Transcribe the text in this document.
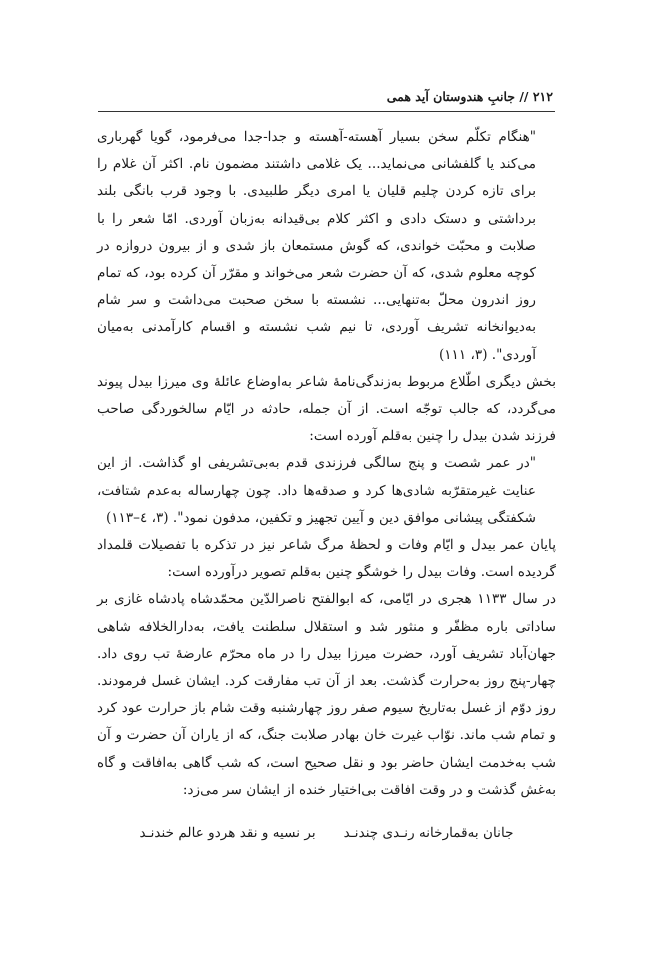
۲۱۲ // جانبِ هندوستان آید همی

"هنگام تکلّم سخن بسیار آهسته-آهسته و جدا-جدا می‌فرمود، گویا گهرباری می‌کند یا گلفشانی می‌نماید... یک غلامی داشتند مضمون نام. اکثر آن غلام را برای تازه کردن چلیم قلیان یا امری دیگر طلبیدی. با وجود قرب بانگی بلند برداشتی و دستک دادی و اکثر کلام بی‌قیدانه به‌زبان آوردی. امّا شعر را با صلابت و محبّت خواندی، که گوش مستمعان باز شدی و از بیرون دروازه در کوچه معلوم شدی، که آن حضرت شعر می‌خواند و مقرّر آن کرده بود، که تمام روز اندرون محلّ به‌تنهایی... نشسته با سخن صحبت می‌داشت و سر شام به‌دیوانخانه تشریف آوردی، تا نیم شب نشسته و اقسام کارآمدنی به‌میان آوردی". (۳، ۱۱۱)

بخش دیگری اطّلاع مربوط به‌زندگی‌نامهٔ شاعر به‌اوضاع عائلهٔ وی میرزا بیدل پیوند می‌گردد، که جالب توجّه است. از آن جمله، حادثه در ایّام سالخوردگی صاحب فرزند شدن بیدل را چنین به‌قلم آورده است:

"در عمر شصت و پنج سالگی فرزندی قدم به‌بی‌تشریفی او گذاشت. از این عنایت غیرمتقرّبه شادی‌ها کرد و صدقه‌ها داد. چون چهارساله به‌عدم شتافت، شکفتگی پیشانی موافق دین و آیین تجهیز و تکفین، مدفون نمود". (۳، ٤–۱۱۳)

پایان عمر بیدل و ایّام وفات و لحظهٔ مرگ شاعر نیز در تذکره با تفصیلات قلمداد گردیده است. وفات بیدل را خوشگو چنین به‌قلم تصویر درآورده است:

در سال ۱۱۳۳ هجری در ایّامی، که ابوالفتح ناصرالدّین محمّدشاه پادشاه غازی بر ساداتی باره مظفّر و منثور شد و استقلال سلطنت یافت، به‌دارالخلافه شاهی جهان‌آباد تشریف آورد، حضرت میرزا بیدل را در ماه محرّم عارضهٔ تب روی داد. چهار-پنج روز به‌حرارت گذشت. بعد از آن تب مفارقت کرد. ایشان غسل فرمودند. روز دوّم از غسل به‌تاریخ سیوم صفر روز چهارشنبه وقت شام باز حرارت عود کرد و تمام شب ماند. نوّاب غیرت خان بهادر صلابت جنگ، که از یاران آن حضرت و آن شب به‌خدمت ایشان حاضر بود و نقل صحیح است، که شب گاهی به‌افاقت و گاه به‌غش گذشت و در وقت افاقت بی‌اختیار خنده از ایشان سر می‌زد:

جانان به‌قمارخانه رنـدی چندنـد
بر نسیه و نقد هردو عالم خندنـد
